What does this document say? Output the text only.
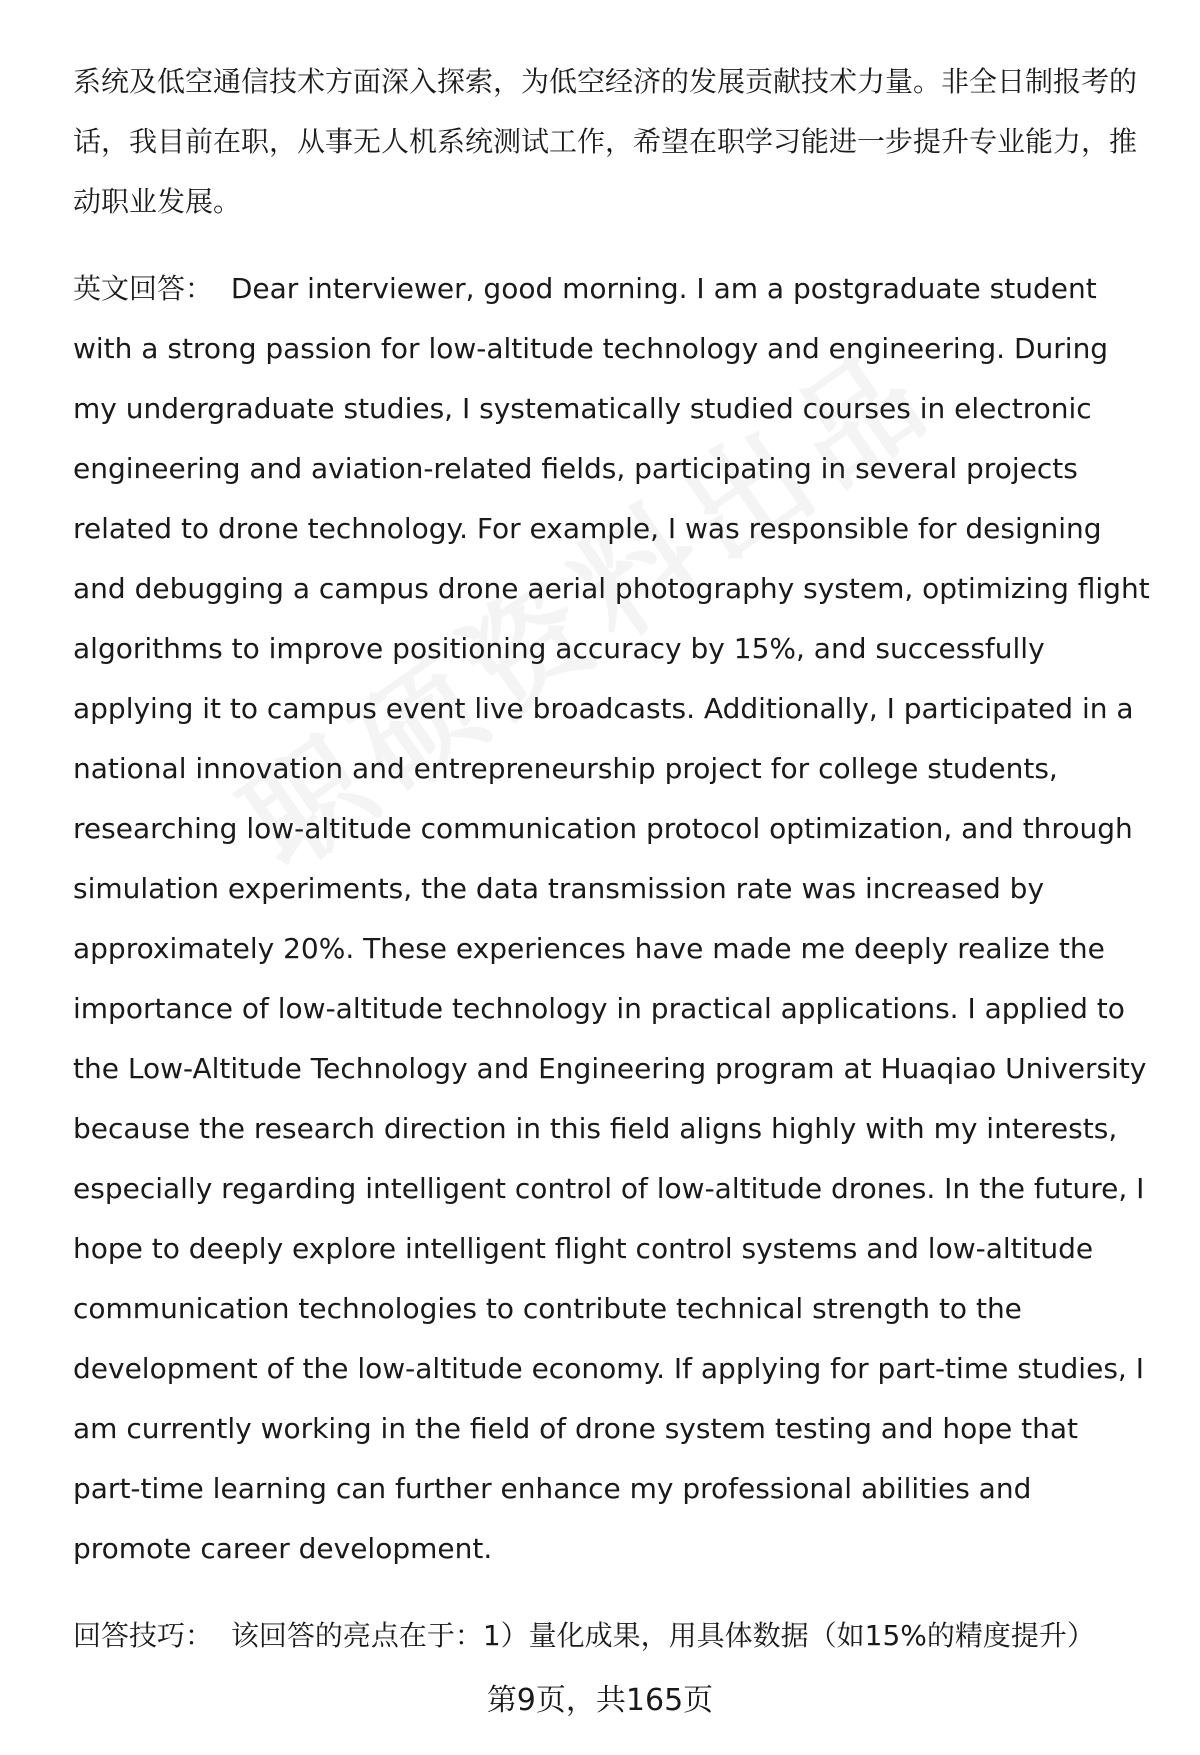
系统及低空通信技术方面深入探索，为低空经济的发展贡献技术力量。非全日制报考的话，我目前在职，从事无人机系统测试工作，希望在职学习能进一步提升专业能力，推动职业发展。

英文回答：  Dear interviewer, good morning. I am a postgraduate student with a strong passion for low-altitude technology and engineering. During my undergraduate studies, I systematically studied courses in electronic engineering and aviation-related fields, participating in several projects related to drone technology. For example, I was responsible for designing and debugging a campus drone aerial photography system, optimizing flight algorithms to improve positioning accuracy by 15%, and successfully applying it to campus event live broadcasts. Additionally, I participated in a national innovation and entrepreneurship project for college students, researching low-altitude communication protocol optimization, and through simulation experiments, the data transmission rate was increased by approximately 20%. These experiences have made me deeply realize the importance of low-altitude technology in practical applications. I applied to the Low-Altitude Technology and Engineering program at Huaqiao University because the research direction in this field aligns highly with my interests, especially regarding intelligent control of low-altitude drones. In the future, I hope to deeply explore intelligent flight control systems and low-altitude communication technologies to contribute technical strength to the development of the low-altitude economy. If applying for part-time studies, I am currently working in the field of drone system testing and hope that part-time learning can further enhance my professional abilities and promote career development.

回答技巧：  该回答的亮点在于：1）量化成果，用具体数据（如15%的精度提升）

第9页，共165页
